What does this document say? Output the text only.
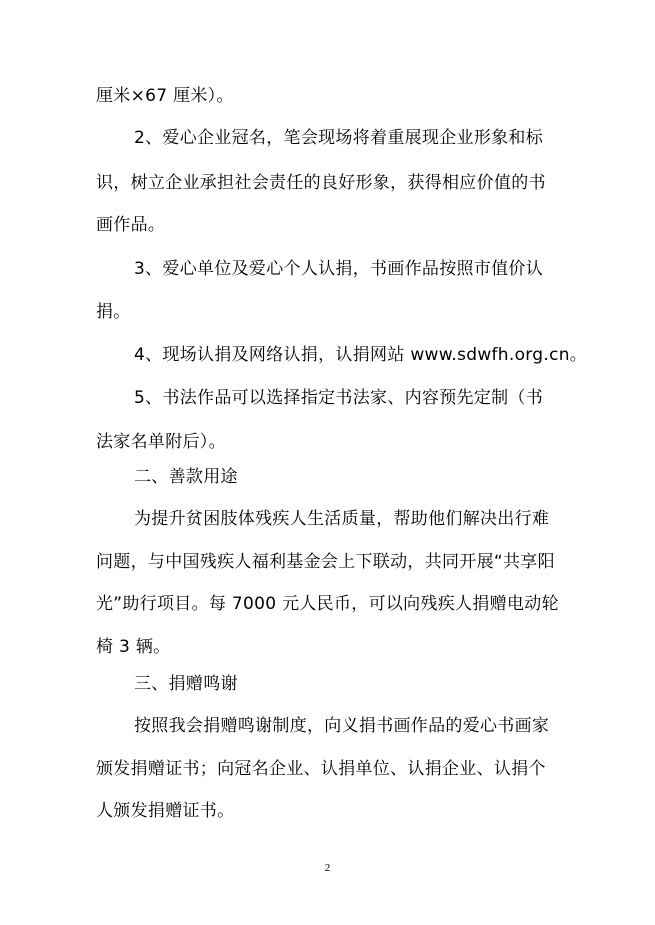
厘米×67 厘米）。
2、爱心企业冠名，笔会现场将着重展现企业形象和标
识，树立企业承担社会责任的良好形象，获得相应价值的书
画作品。
3、爱心单位及爱心个人认捐，书画作品按照市值价认
捐。
4、现场认捐及网络认捐，认捐网站 www.sdwfh.org.cn。
5、书法作品可以选择指定书法家、内容预先定制（书
法家名单附后）。
二、善款用途
为提升贫困肢体残疾人生活质量，帮助他们解决出行难
问题，与中国残疾人福利基金会上下联动，共同开展“共享阳
光”助行项目。每 7000 元人民币，可以向残疾人捐赠电动轮
椅 3 辆。
三、捐赠鸣谢
按照我会捐赠鸣谢制度，向义捐书画作品的爱心书画家
颁发捐赠证书；向冠名企业、认捐单位、认捐企业、认捐个
人颁发捐赠证书。
2
